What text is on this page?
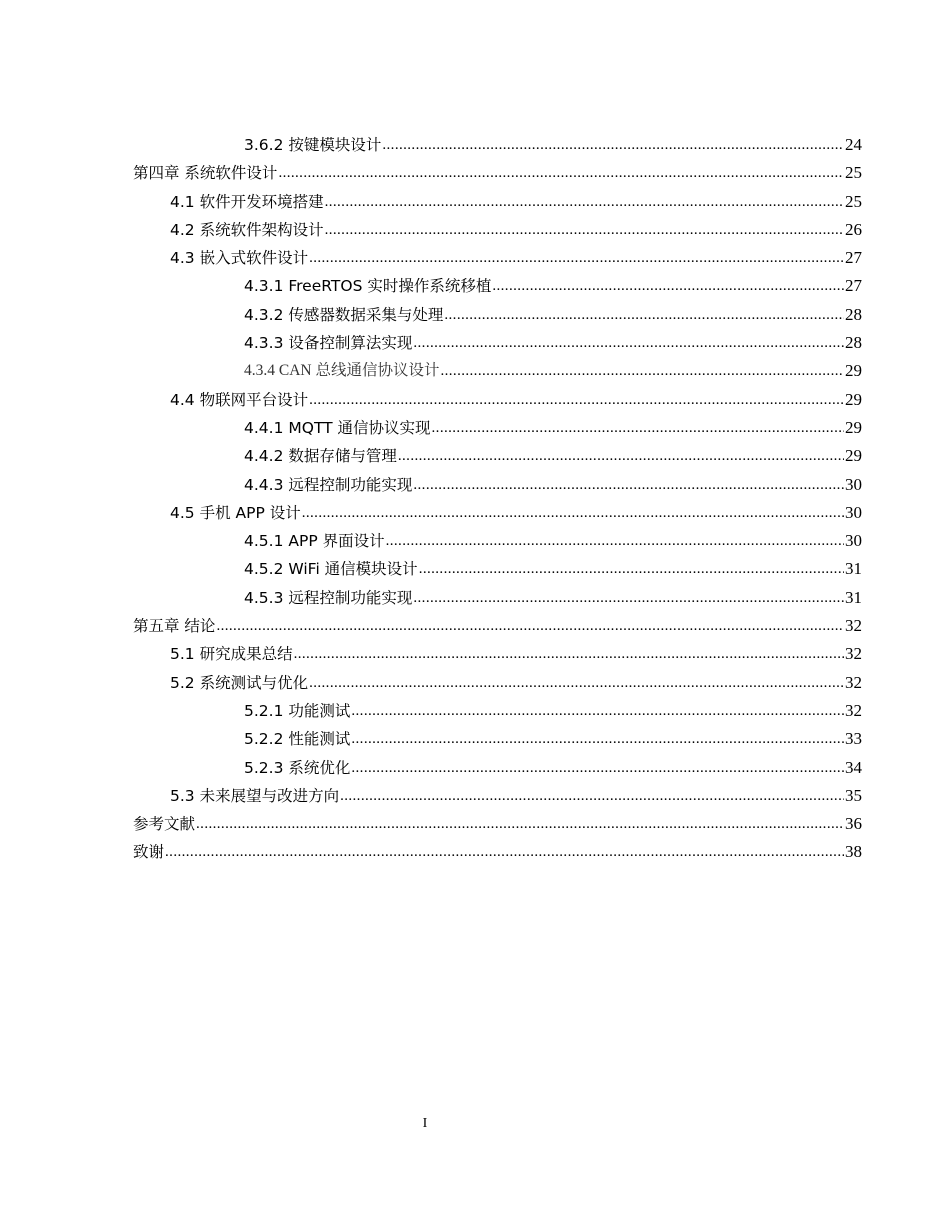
3.6.2 按键模块设计 .....	24
第四章 系统软件设计 .....	25
4.1 软件开发环境搭建 .....	25
4.2 系统软件架构设计 .....	26
4.3 嵌入式软件设计 .....	27
4.3.1 FreeRTOS 实时操作系统移植 .....	27
4.3.2 传感器数据采集与处理 .....	28
4.3.3 设备控制算法实现 .....	28
4.3.4 CAN 总线通信协议设计 .....	29
4.4 物联网平台设计 .....	29
4.4.1 MQTT 通信协议实现 .....	29
4.4.2 数据存储与管理 .....	29
4.4.3 远程控制功能实现 .....	30
4.5 手机 APP 设计 .....	30
4.5.1 APP 界面设计 .....	30
4.5.2 WiFi 通信模块设计 .....	31
4.5.3 远程控制功能实现 .....	31
第五章 结论 .....	32
5.1 研究成果总结 .....	32
5.2 系统测试与优化 .....	32
5.2.1 功能测试 .....	32
5.2.2 性能测试 .....	33
5.2.3 系统优化 .....	34
5.3 未来展望与改进方向 .....	35
参考文献 .....	36
致谢 .....	38
I
